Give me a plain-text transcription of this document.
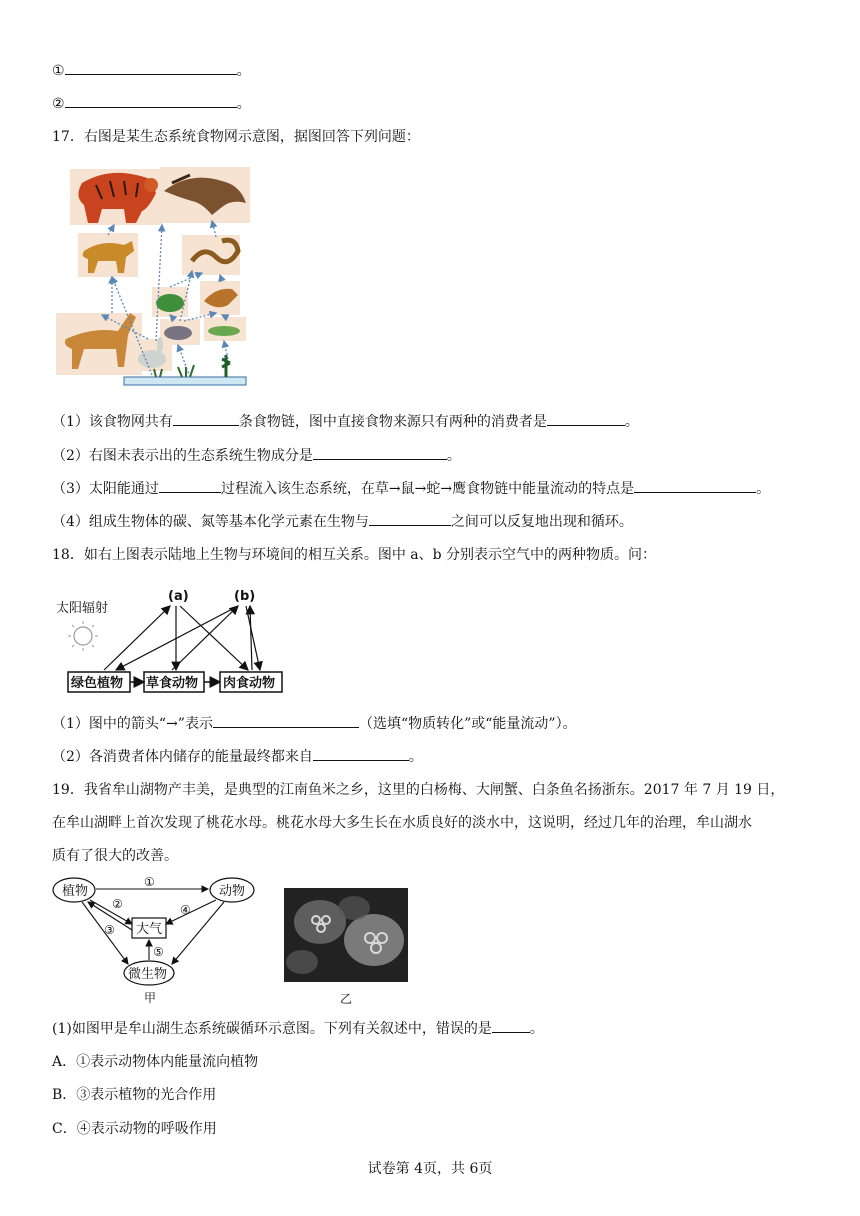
①	。
②	。
17．右图是某生态系统食物网示意图，据图回答下列问题：
（1）该食物网共有	条食物链，图中直接食物来源只有两种的消费者是	。
（2）右图未表示出的生态系统生物成分是	。
（3）太阳能通过	过程流入该生态系统，在草→鼠→蛇→鹰食物链中能量流动的特点是	。
（4）组成生物体的碳、氮等基本化学元素在生物与	之间可以反复地出现和循环。
18．如右上图表示陆地上生物与环境间的相互关系。图中 a、b 分别表示空气中的两种物质。问：
太阳辐射
(a)	(b)
绿色植物 草食动物 肉食动物
（1）图中的箭头“→”表示	（选填“物质转化”或“能量流动”）。
（2）各消费者体内储存的能量最终都来自	。
19．我省牟山湖物产丰美，是典型的江南鱼米之乡，这里的白杨梅、大闸蟹、白条鱼名扬浙东。2017 年 7 月 19 日，
在牟山湖畔上首次发现了桃花水母。桃花水母大多生长在水质良好的淡水中，这说明，经过几年的治理，牟山湖水
质有了很大的改善。
植物	动物
大气
微生物
①
②
③
④
⑤
甲	乙
(1)如图甲是牟山湖生态系统碳循环示意图。下列有关叙述中，错误的是	。
A．①表示动物体内能量流向植物
B．③表示植物的光合作用
C．④表示动物的呼吸作用
试卷第 4页，共 6页
